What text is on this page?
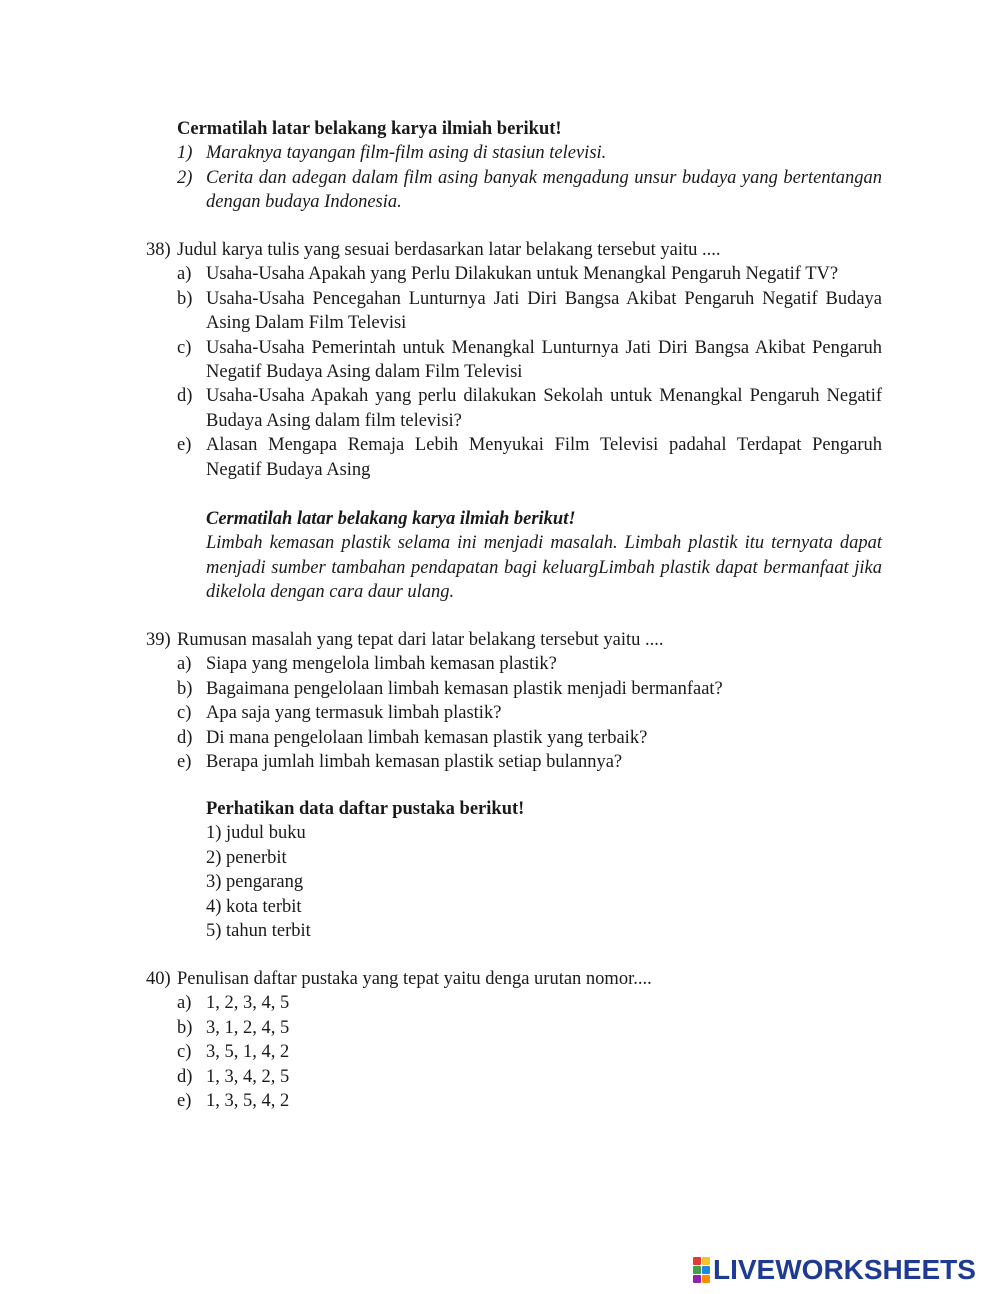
Cermatilah latar belakang karya ilmiah berikut!
1) Maraknya tayangan film-film asing di stasiun televisi.
2) Cerita dan adegan dalam film asing banyak mengadung unsur budaya yang bertentangan dengan budaya Indonesia.
38) Judul karya tulis yang sesuai berdasarkan latar belakang tersebut yaitu ....
a) Usaha-Usaha Apakah yang Perlu Dilakukan untuk Menangkal Pengaruh Negatif TV?
b) Usaha-Usaha Pencegahan Lunturnya Jati Diri Bangsa Akibat Pengaruh Negatif Budaya Asing Dalam Film Televisi
c) Usaha-Usaha Pemerintah untuk Menangkal Lunturnya Jati Diri Bangsa Akibat Pengaruh Negatif Budaya Asing dalam Film Televisi
d) Usaha-Usaha Apakah yang perlu dilakukan Sekolah untuk Menangkal Pengaruh Negatif Budaya Asing dalam film televisi?
e) Alasan Mengapa Remaja Lebih Menyukai Film Televisi padahal Terdapat Pengaruh Negatif Budaya Asing
Cermatilah latar belakang karya ilmiah berikut!
Limbah kemasan plastik selama ini menjadi masalah. Limbah plastik itu ternyata dapat menjadi sumber tambahan pendapatan bagi keluargLimbah plastik dapat bermanfaat jika dikelola dengan cara daur ulang.
39) Rumusan masalah yang tepat dari latar belakang tersebut yaitu ....
a) Siapa yang mengelola limbah kemasan plastik?
b) Bagaimana pengelolaan limbah kemasan plastik menjadi bermanfaat?
c) Apa saja yang termasuk limbah plastik?
d) Di mana pengelolaan limbah kemasan plastik yang terbaik?
e) Berapa jumlah limbah kemasan plastik setiap bulannya?
Perhatikan data daftar pustaka berikut!
1) judul buku
2) penerbit
3) pengarang
4) kota terbit
5) tahun terbit
40) Penulisan daftar pustaka yang tepat yaitu denga urutan nomor....
a) 1, 2, 3, 4, 5
b) 3, 1, 2, 4, 5
c) 3, 5, 1, 4, 2
d) 1, 3, 4, 2, 5
e) 1, 3, 5, 4, 2
LIVEWORKSHEETS
